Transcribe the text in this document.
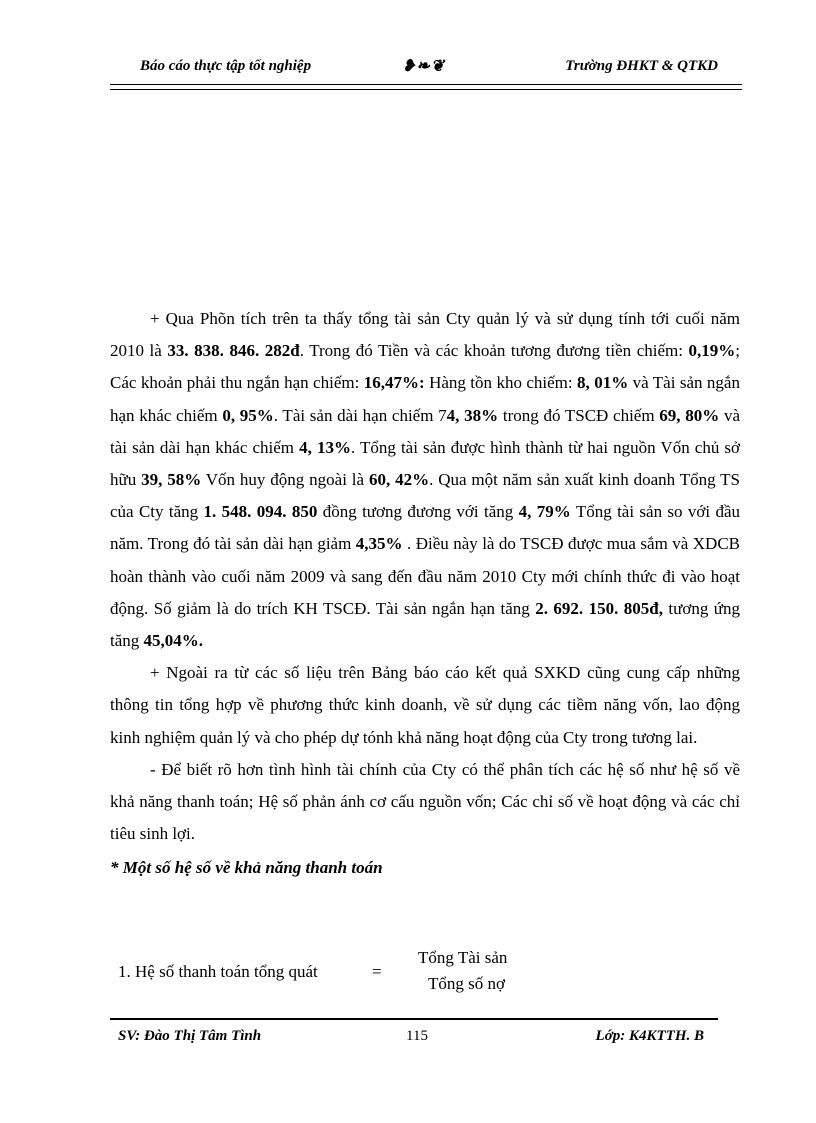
Báo cáo thực tập tốt nghiệp	❥❧❦	Trường ĐHKT & QTKD

+ Qua Phõn tích trên ta thấy tổng tài sản Cty quản lý và sử dụng tính tới cuối năm 2010 là 33. 838. 846. 282đ. Trong đó Tiền và các khoản tương đương tiền chiếm: 0,19%; Các khoản phải thu ngắn hạn chiếm: 16,47%: Hàng tồn kho chiếm: 8, 01% và Tài sản ngắn hạn khác chiếm 0, 95%. Tài sản dài hạn chiếm 74, 38% trong đó TSCĐ chiếm 69, 80% và tài sản dài hạn khác chiếm 4, 13%. Tổng tài sản được hình thành từ hai nguồn Vốn chủ sở hữu 39, 58% Vốn huy động ngoài là 60, 42%. Qua một năm sản xuất kinh doanh Tổng TS của Cty tăng 1. 548. 094. 850 đồng tương đương với tăng 4, 79% Tổng tài sản so với đầu năm. Trong đó tài sản dài hạn giảm 4,35% . Điều này là do TSCĐ được mua sắm và XDCB hoàn thành vào cuối năm 2009 và sang đến đầu năm 2010 Cty mới chính thức đi vào hoạt động. Số giảm là do trích KH TSCĐ. Tài sản ngắn hạn tăng 2. 692. 150. 805đ, tương ứng tăng 45,04%.

+ Ngoài ra từ các số liệu trên Bảng báo cáo kết quả SXKD cũng cung cấp những thông tin tổng hợp về phương thức kinh doanh, về sử dụng các tiềm năng vốn, lao động kinh nghiệm quản lý và cho phép dự tónh khả năng hoạt động của Cty trong tương lai.

- Để biết rõ hơn tình hình tài chính của Cty có thể phân tích các hệ số như hệ số về khả năng thanh toán; Hệ số phản ánh cơ cấu nguồn vốn; Các chỉ số về hoạt động và các chỉ tiêu sinh lợi.

* Một số hệ số về khả năng thanh toán

1. Hệ số thanh toán tổng quát	=
Tổng Tài sản
Tổng số nợ
SV: Đào Thị Tâm Tình	115	Lớp: K4KTTH. B
